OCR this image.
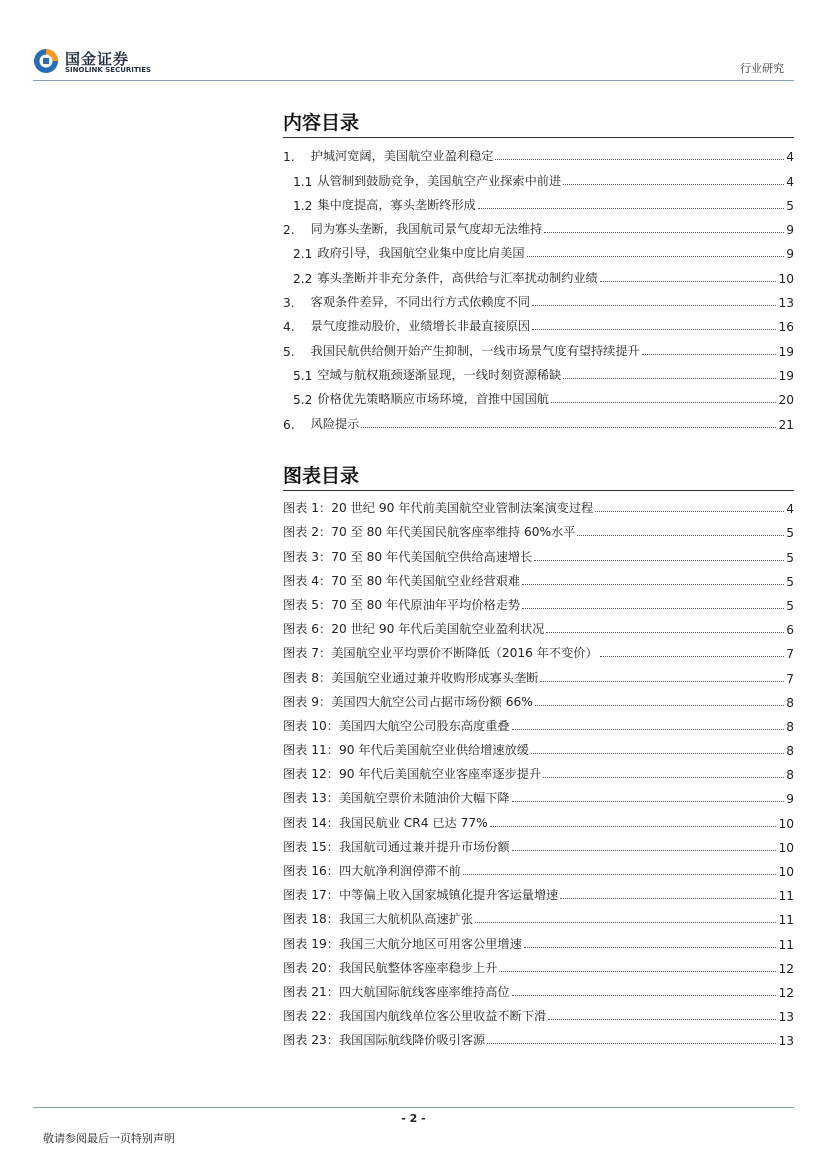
国金证券
SINOLINK SECURITIES	行业研究
内容目录
1. 护城河宽阔，美国航空业盈利稳定	4
1.1 从管制到鼓励竞争，美国航空产业探索中前进	4
1.2 集中度提高，寡头垄断终形成	5
2. 同为寡头垄断，我国航司景气度却无法维持	9
2.1 政府引导，我国航空业集中度比肩美国	9
2.2 寡头垄断并非充分条件，高供给与汇率扰动制约业绩	10
3. 客观条件差异，不同出行方式依赖度不同	13
4. 景气度推动股价，业绩增长非最直接原因	16
5. 我国民航供给侧开始产生抑制，一线市场景气度有望持续提升	19
5.1 空域与航权瓶颈逐渐显现，一线时刻资源稀缺	19
5.2 价格优先策略顺应市场环境，首推中国国航	20
6. 风险提示	21
图表目录
图表 1： 20 世纪 90 年代前美国航空业管制法案演变过程	4
图表 2： 70 至 80 年代美国民航客座率维持 60%水平	5
图表 3： 70 至 80 年代美国航空供给高速增长	5
图表 4： 70 至 80 年代美国航空业经营艰难	5
图表 5： 70 至 80 年代原油年平均价格走势	5
图表 6： 20 世纪 90 年代后美国航空业盈利状况	6
图表 7： 美国航空业平均票价不断降低（2016 年不变价）	7
图表 8： 美国航空业通过兼并收购形成寡头垄断	7
图表 9： 美国四大航空公司占据市场份额 66%	8
图表 10： 美国四大航空公司股东高度重叠	8
图表 11： 90 年代后美国航空业供给增速放缓	8
图表 12： 90 年代后美国航空业客座率逐步提升	8
图表 13： 美国航空票价未随油价大幅下降	9
图表 14： 我国民航业 CR4 已达 77%	10
图表 15： 我国航司通过兼并提升市场份额	10
图表 16： 四大航净利润停滞不前	10
图表 17： 中等偏上收入国家城镇化提升客运量增速	11
图表 18： 我国三大航机队高速扩张	11
图表 19： 我国三大航分地区可用客公里增速	11
图表 20： 我国民航整体客座率稳步上升	12
图表 21： 四大航国际航线客座率维持高位	12
图表 22： 我国国内航线单位客公里收益不断下滑	13
图表 23： 我国国际航线降价吸引客源	13
- 2 -
敬请参阅最后一页特别声明
